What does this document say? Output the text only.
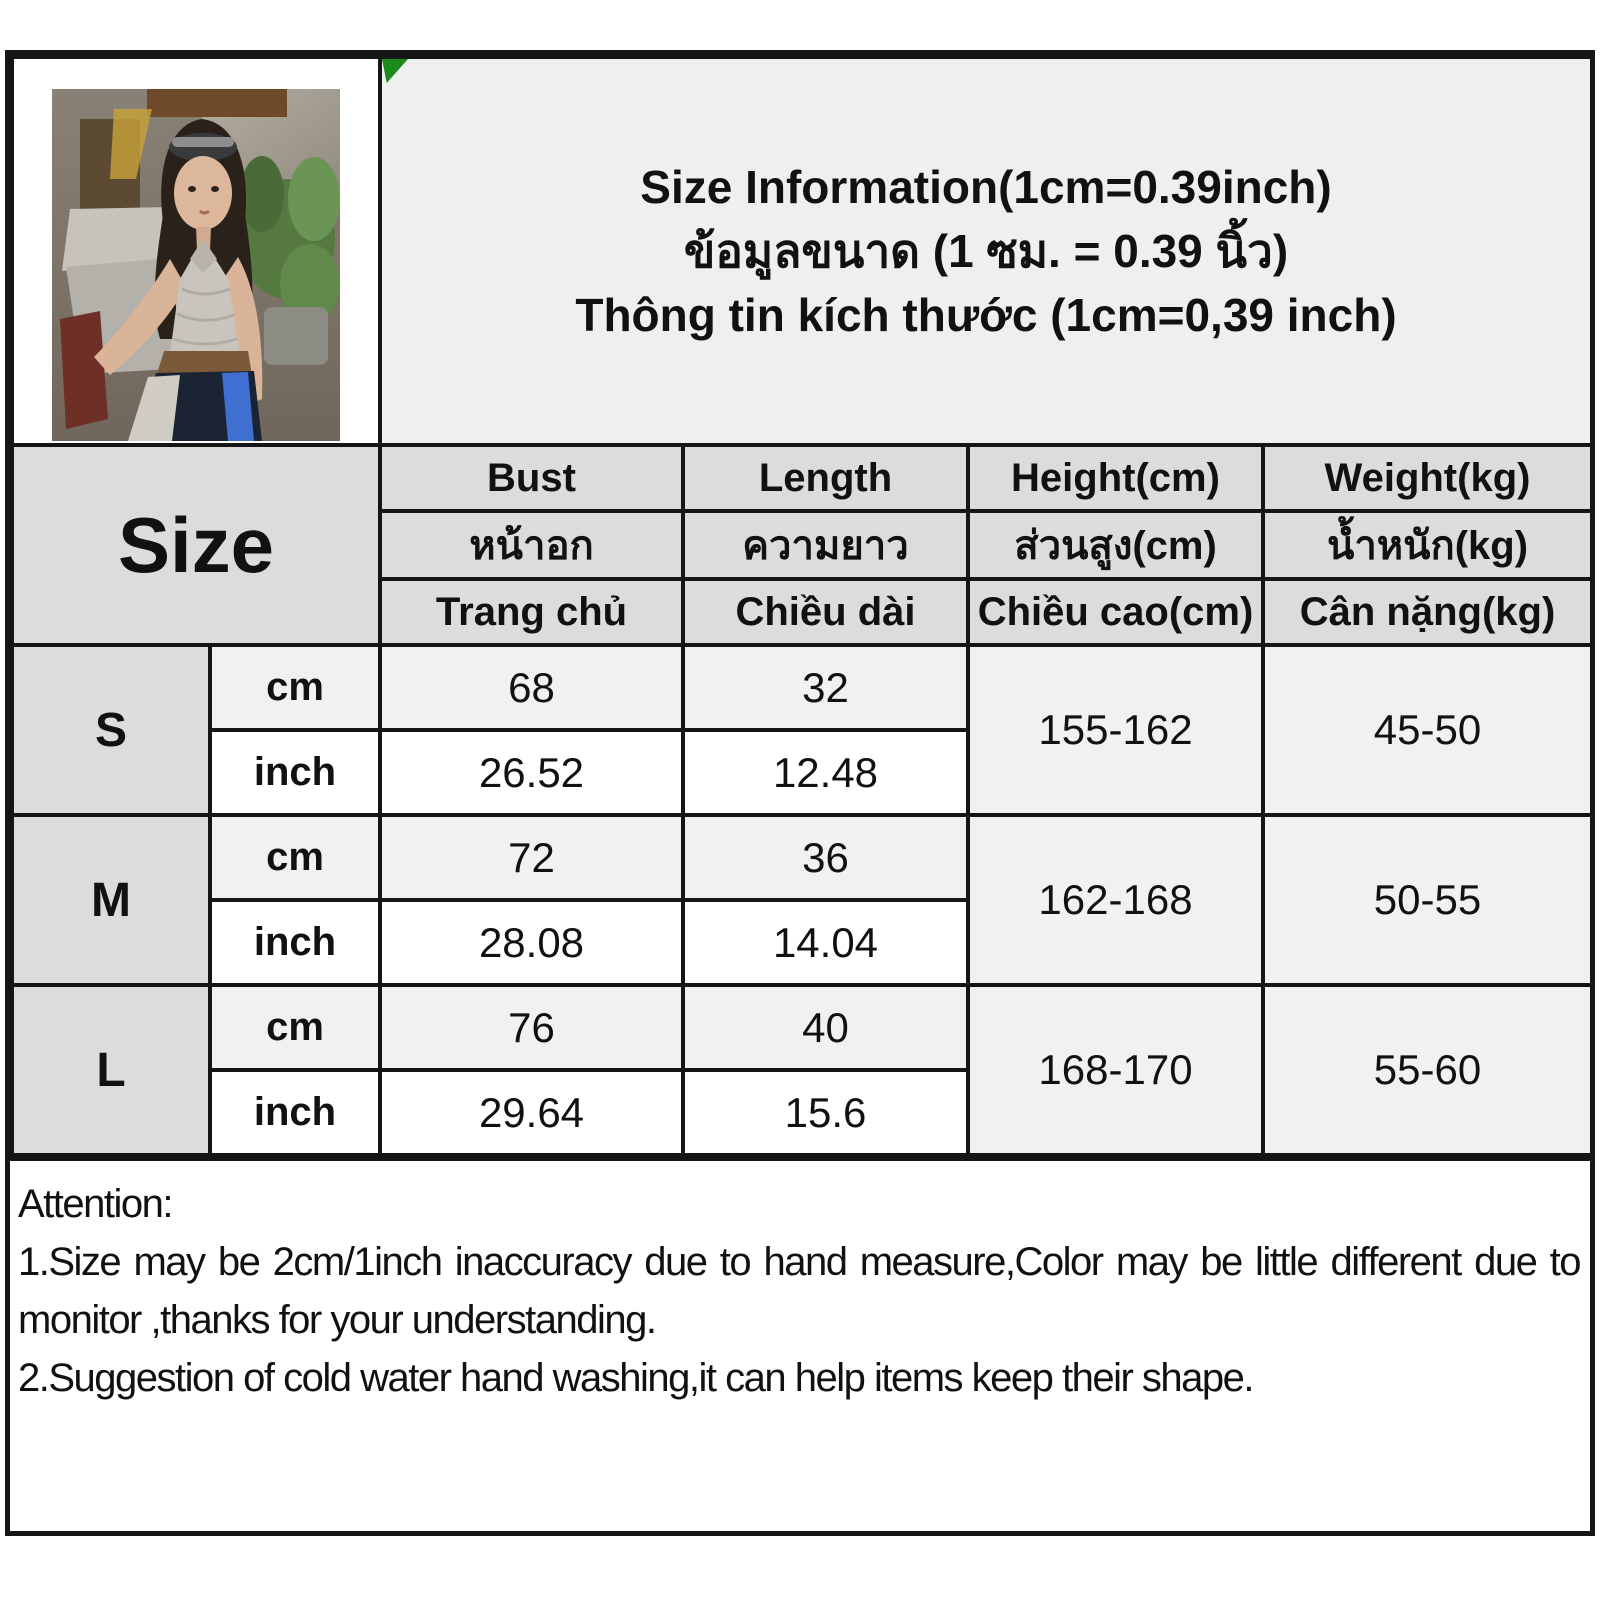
Size Information(1cm=0.39inch)
ข้อมูลขนาด (1 ซม. = 0.39 นิ้ว)
Thông tin kích thước (1cm=0,39 inch)			

Size		Bust	Length	Height(cm)	Weight(kg)
		หน้าอก	ความยาว	ส่วนสูง(cm)	น้ำหนัก(kg)
		Trang chủ	Chiều dài	Chiều cao(cm)	Cân nặng(kg)
S	cm	68	32	155-162	45-50
	inch	26.52	12.48		
M	cm	72	36	162-168	50-55
	inch	28.08	14.04		
L	cm	76	40	168-170	55-60
	inch	29.64	15.6		
Attention:
1.Size may be 2cm/1inch inaccuracy due to hand measure,Color may be little different due to monitor ,thanks for your understanding.
2.Suggestion of cold water hand washing,it can help items keep their shape.
